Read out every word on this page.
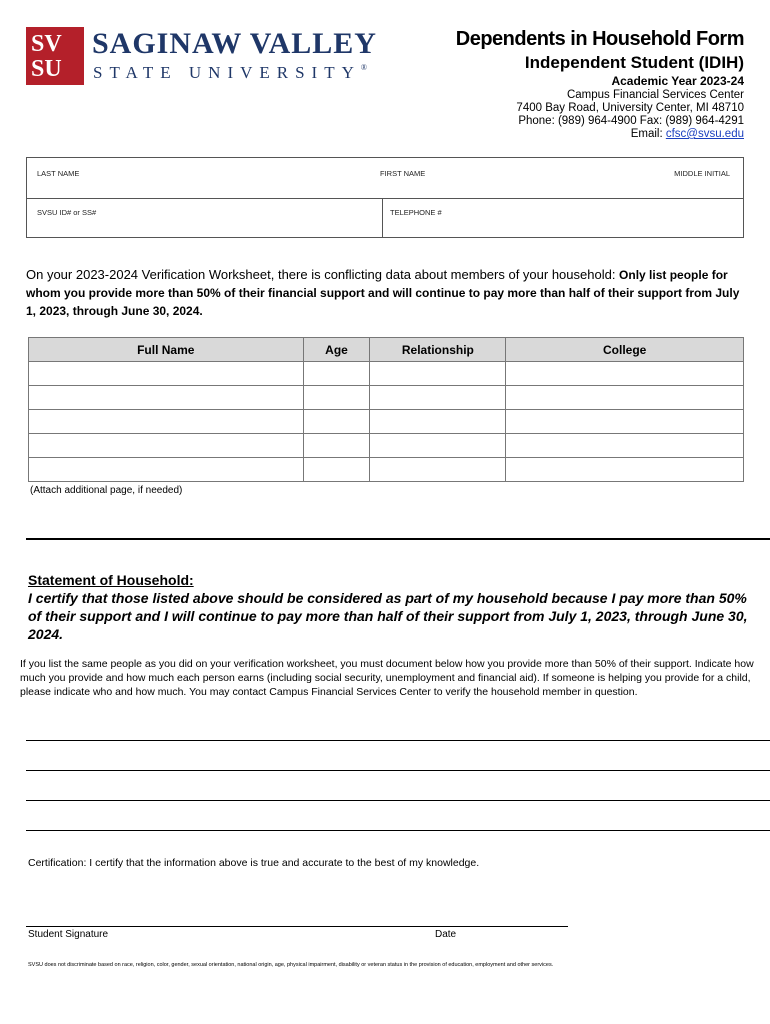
SV
SU
SAGINAW VALLEY
STATE UNIVERSITY®
Dependents in Household Form
Independent Student (IDIH)
Academic Year 2023-24
Campus Financial Services Center
7400 Bay Road, University Center, MI 48710
Phone: (989) 964-4900 Fax: (989) 964-4291
Email: cfsc@svsu.edu
LAST NAME	FIRST NAME	MIDDLE INITIAL
SVSU ID# or SS#	TELEPHONE #
On your 2023-2024 Verification Worksheet, there is conflicting data about members of your household: Only list people for whom you provide more than 50% of their financial support and will continue to pay more than half of their support from July 1, 2023, through June 30, 2024.
Full Name	Age	Relationship	College

(Attach additional page, if needed)
Statement of Household:
I certify that those listed above should be considered as part of my household because I pay more than 50% of their support and I will continue to pay more than half of their support from July 1, 2023, through June 30, 2024.
If you list the same people as you did on your verification worksheet, you must document below how you provide more than 50% of their support. Indicate how much you provide and how much each person earns (including social security, unemployment and financial aid). If someone is helping you provide for a child, please indicate who and how much. You may contact Campus Financial Services Center to verify the household member in question.
Certification: I certify that the information above is true and accurate to the best of my knowledge.
Student Signature	Date
SVSU does not discriminate based on race, religion, color, gender, sexual orientation, national origin, age, physical impairment, disability or veteran status in the provision of education, employment and other services.
